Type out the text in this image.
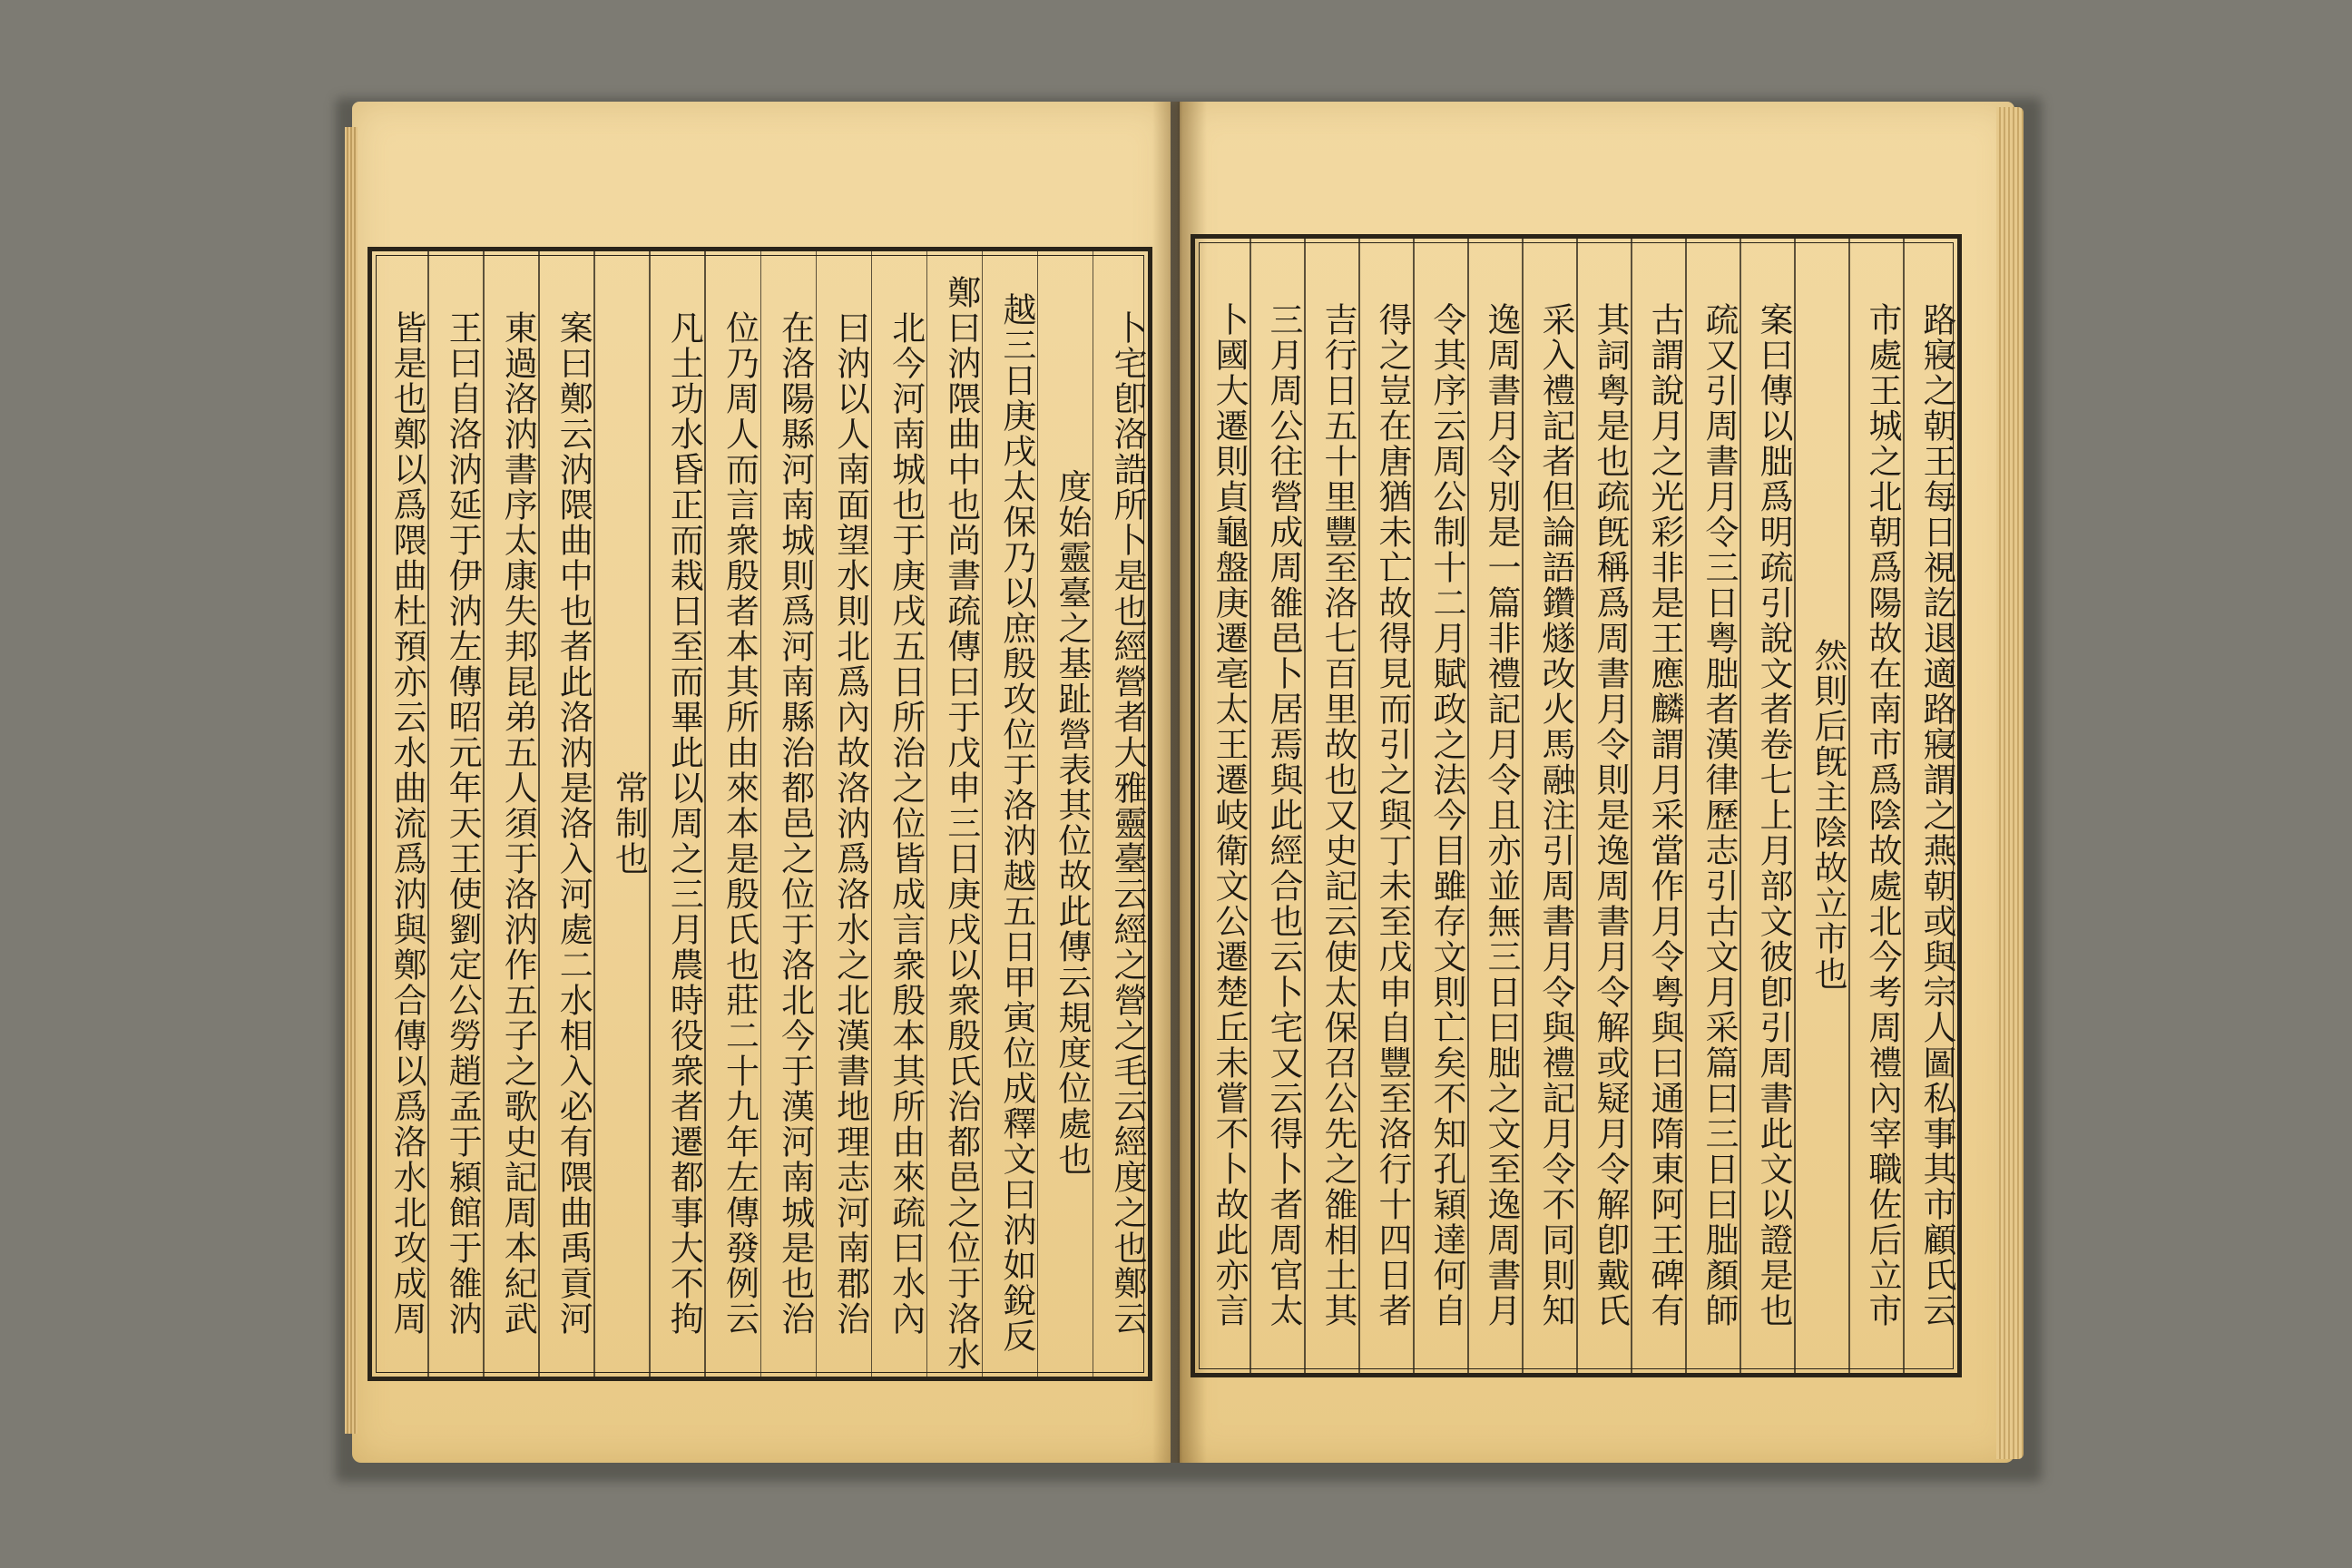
卜宅卽洛誥所卜是也經營者大雅靈臺云經之營之毛云經度之也鄭云
度始靈臺之基趾營表其位故此傳云規度位處也
越三日庚戌太保乃以庶殷攻位于洛汭越五日甲寅位成釋文曰汭如銳反
鄭曰汭隈曲中也尚書疏傳曰于戊申三日庚戌以衆殷氏治都邑之位于洛水
北今河南城也于庚戌五日所治之位皆成言衆殷本其所由來疏曰水內
曰汭以人南面望水則北爲內故洛汭爲洛水之北漢書地理志河南郡治
在洛陽縣河南城則爲河南縣治都邑之位于洛北今于漢河南城是也治
位乃周人而言衆殷者本其所由來本是殷氏也莊二十九年左傳發例云
凡土功水昏正而栽日至而畢此以周之三月農時役衆者遷都事大不拘
常制也
案曰鄭云汭隈曲中也者此洛汭是洛入河處二水相入必有隈曲禹貢河
東過洛汭書序太康失邦昆弟五人須于洛汭作五子之歌史記周本紀武
王曰自洛汭延于伊汭左傳昭元年天王使劉定公勞趙孟于潁館于雒汭
皆是也鄭以爲隈曲杜預亦云水曲流爲汭與鄭合傳以爲洛水北攻成周	路寢之朝王每日視訖退適路寢謂之燕朝或與宗人圖私事其市顧氏云
市處王城之北朝爲陽故在南市爲陰故處北今考周禮內宰職佐后立市
然則后旣主陰故立市也
案曰傳以朏爲明疏引說文者卷七上月部文彼卽引周書此文以證是也
疏又引周書月令三日粤朏者漢律歷志引古文月采篇曰三日曰朏顏師
古謂說月之光彩非是王應麟謂月采當作月令粤與曰通隋東阿王碑有
其詞粤是也疏旣稱爲周書月令則是逸周書月令解或疑月令解卽戴氏
采入禮記者但論語鑽燧改火馬融注引周書月令與禮記月令不同則知
逸周書月令別是一篇非禮記月令且亦並無三日曰朏之文至逸周書月
令其序云周公制十二月賦政之法今目雖存文則亡矣不知孔穎達何自
得之豈在唐猶未亡故得見而引之與丁未至戊申自豐至洛行十四日者
吉行日五十里豐至洛七百里故也又史記云使太保召公先之雒相土其
三月周公往營成周雒邑卜居焉與此經合也云卜宅又云得卜者周官太
卜國大遷則貞龜盤庚遷亳太王遷岐衛文公遷楚丘未嘗不卜故此亦言
